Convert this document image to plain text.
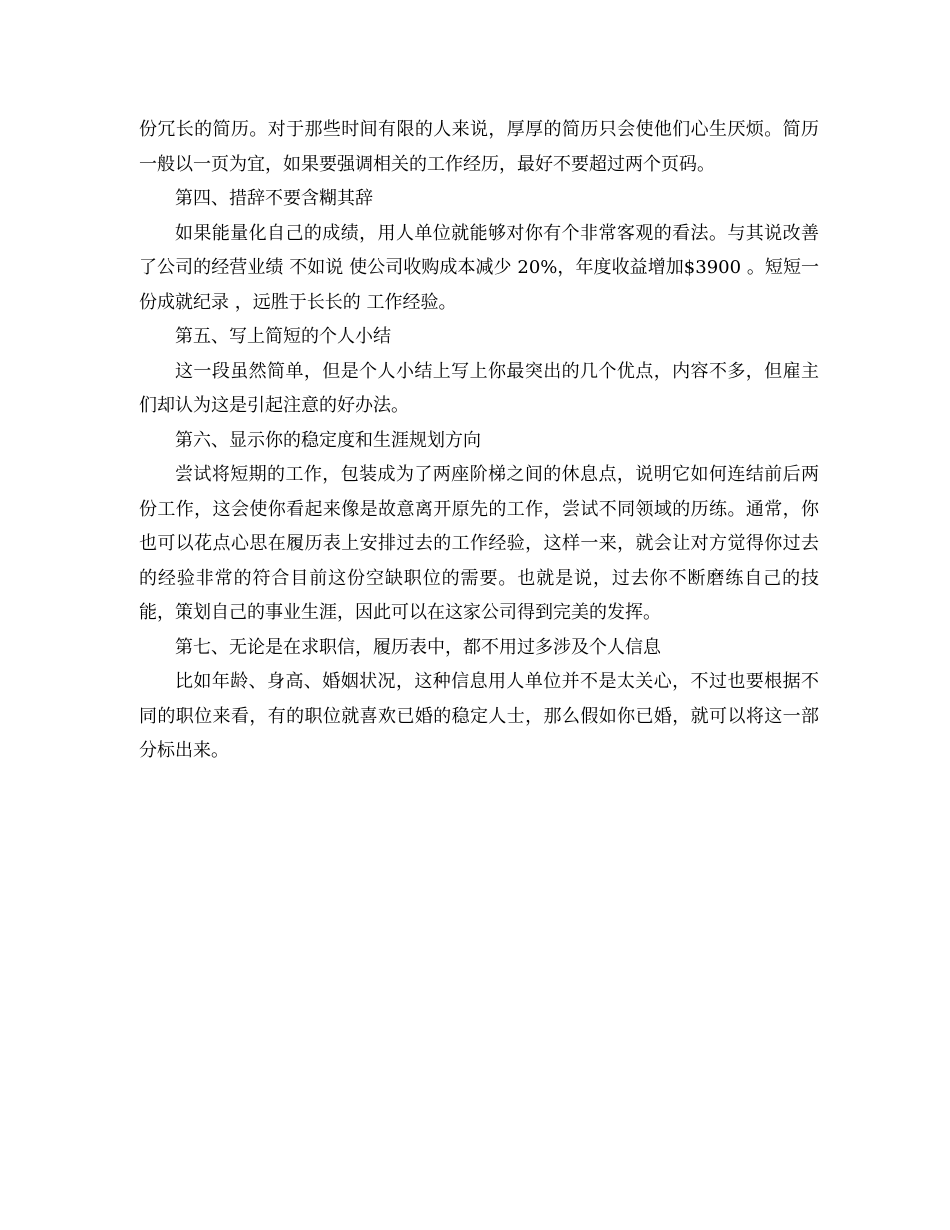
份冗长的简历。对于那些时间有限的人来说，厚厚的简历只会使他们心生厌烦。简历一般以一页为宜，如果要强调相关的工作经历，最好不要超过两个页码。

第四、措辞不要含糊其辞

如果能量化自己的成绩，用人单位就能够对你有个非常客观的看法。与其说改善了公司的经营业绩 不如说 使公司收购成本减少 20%，年度收益增加$3900 。短短一份成就纪录 ，远胜于长长的 工作经验。

第五、写上简短的个人小结

这一段虽然简单，但是个人小结上写上你最突出的几个优点，内容不多，但雇主们却认为这是引起注意的好办法。

第六、显示你的稳定度和生涯规划方向

尝试将短期的工作，包装成为了两座阶梯之间的休息点，说明它如何连结前后两份工作，这会使你看起来像是故意离开原先的工作，尝试不同领域的历练。通常，你也可以花点心思在履历表上安排过去的工作经验，这样一来，就会让对方觉得你过去的经验非常的符合目前这份空缺职位的需要。也就是说，过去你不断磨练自己的技能，策划自己的事业生涯，因此可以在这家公司得到完美的发挥。

第七、无论是在求职信，履历表中，都不用过多涉及个人信息

比如年龄、身高、婚姻状况，这种信息用人单位并不是太关心，不过也要根据不同的职位来看，有的职位就喜欢已婚的稳定人士，那么假如你已婚，就可以将这一部分标出来。
